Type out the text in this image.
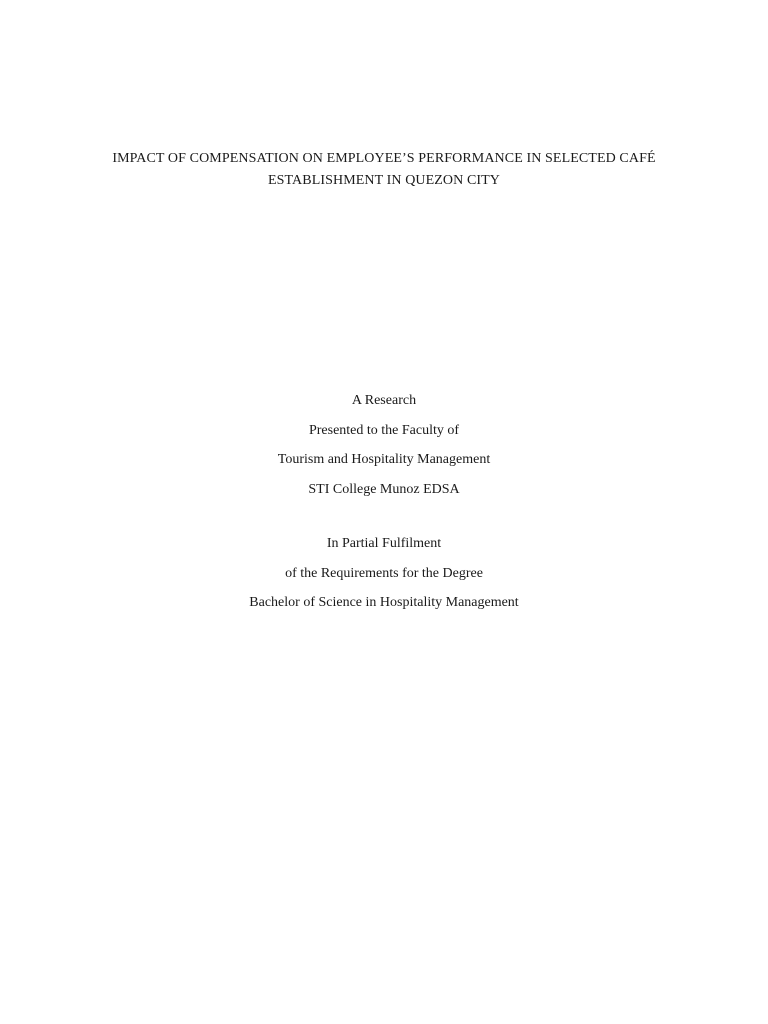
IMPACT OF COMPENSATION ON EMPLOYEE’S PERFORMANCE IN SELECTED CAFÉ
ESTABLISHMENT IN QUEZON CITY
A Research
Presented to the Faculty of
Tourism and Hospitality Management
STI College Munoz EDSA
In Partial Fulfilment
of the Requirements for the Degree
Bachelor of Science in Hospitality Management
